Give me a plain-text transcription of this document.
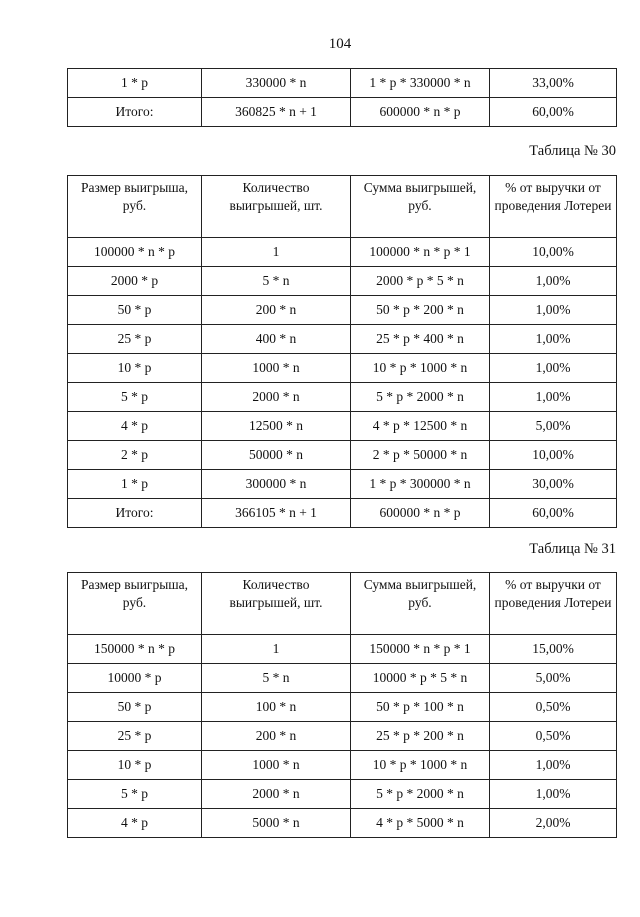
104
1 * p	330000 * n	1 * p * 330000 * n	33,00%
Итого:	360825 * n + 1	600000 * n * p	60,00%
Таблица № 30
Размер выигрыша, руб.	Количество выигрышей, шт.	Сумма выигрышей, руб.	% от выручки от проведения Лотереи
100000 * n * p	1	100000 * n * p * 1	10,00%
2000 * p	5 * n	2000 * p * 5 * n	1,00%
50 * p	200 * n	50 * p * 200 * n	1,00%
25 * p	400 * n	25 * p * 400 * n	1,00%
10 * p	1000 * n	10 * p * 1000 * n	1,00%
5 * p	2000 * n	5 * p * 2000 * n	1,00%
4 * p	12500 * n	4 * p * 12500 * n	5,00%
2 * p	50000 * n	2 * p * 50000 * n	10,00%
1 * p	300000 * n	1 * p * 300000 * n	30,00%
Итого:	366105 * n + 1	600000 * n * p	60,00%
Таблица № 31
Размер выигрыша, руб.	Количество выигрышей, шт.	Сумма выигрышей, руб.	% от выручки от проведения Лотереи
150000 * n * p	1	150000 * n * p * 1	15,00%
10000 * p	5 * n	10000 * p * 5 * n	5,00%
50 * p	100 * n	50 * p * 100 * n	0,50%
25 * p	200 * n	25 * p * 200 * n	0,50%
10 * p	1000 * n	10 * p * 1000 * n	1,00%
5 * p	2000 * n	5 * p * 2000 * n	1,00%
4 * p	5000 * n	4 * p * 5000 * n	2,00%
